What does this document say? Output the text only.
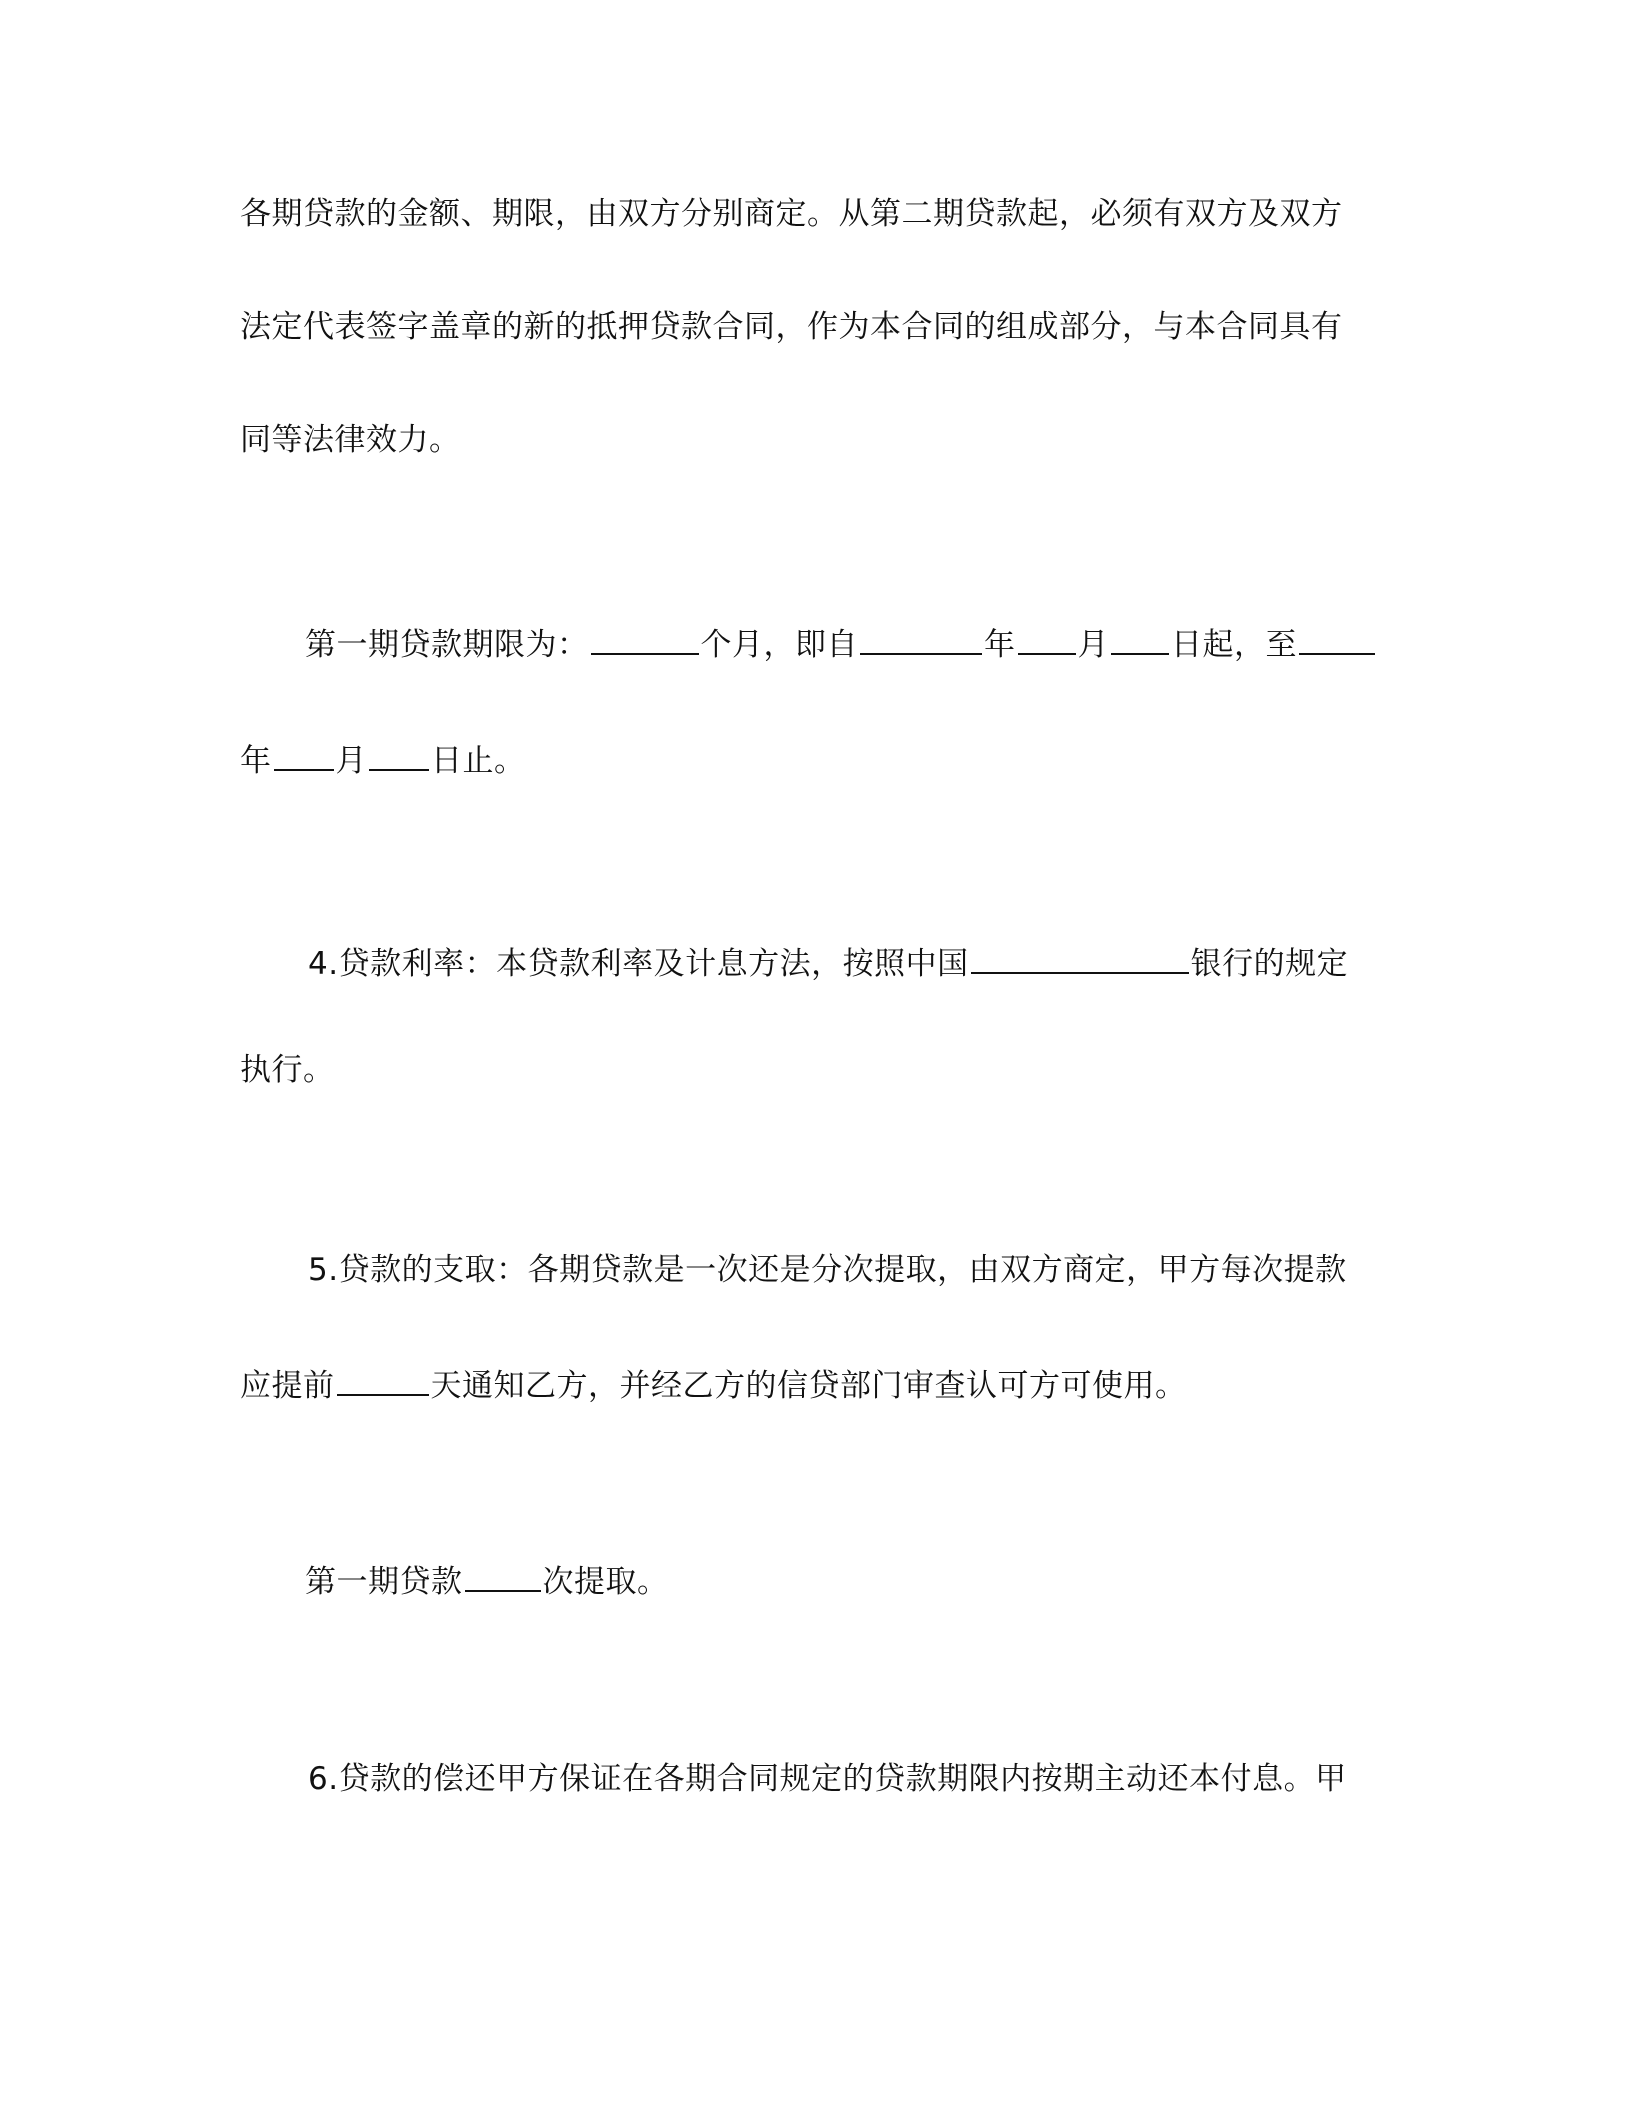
各期贷款的金额、期限，由双方分别商定。从第二期贷款起，必须有双方及双方
法定代表签字盖章的新的抵押贷款合同，作为本合同的组成部分，与本合同具有
同等法律效力。
第一期贷款期限为：	个月，即自	年 月 日起，至
年 月 日止。
4.贷款利率：本贷款利率及计息方法，按照中国	银行的规定
执行。
5.贷款的支取：各期贷款是一次还是分次提取，由双方商定，甲方每次提款
应提前	天通知乙方，并经乙方的信贷部门审查认可方可使用。
第一期贷款	次提取。
6.贷款的偿还甲方保证在各期合同规定的贷款期限内按期主动还本付息。甲
